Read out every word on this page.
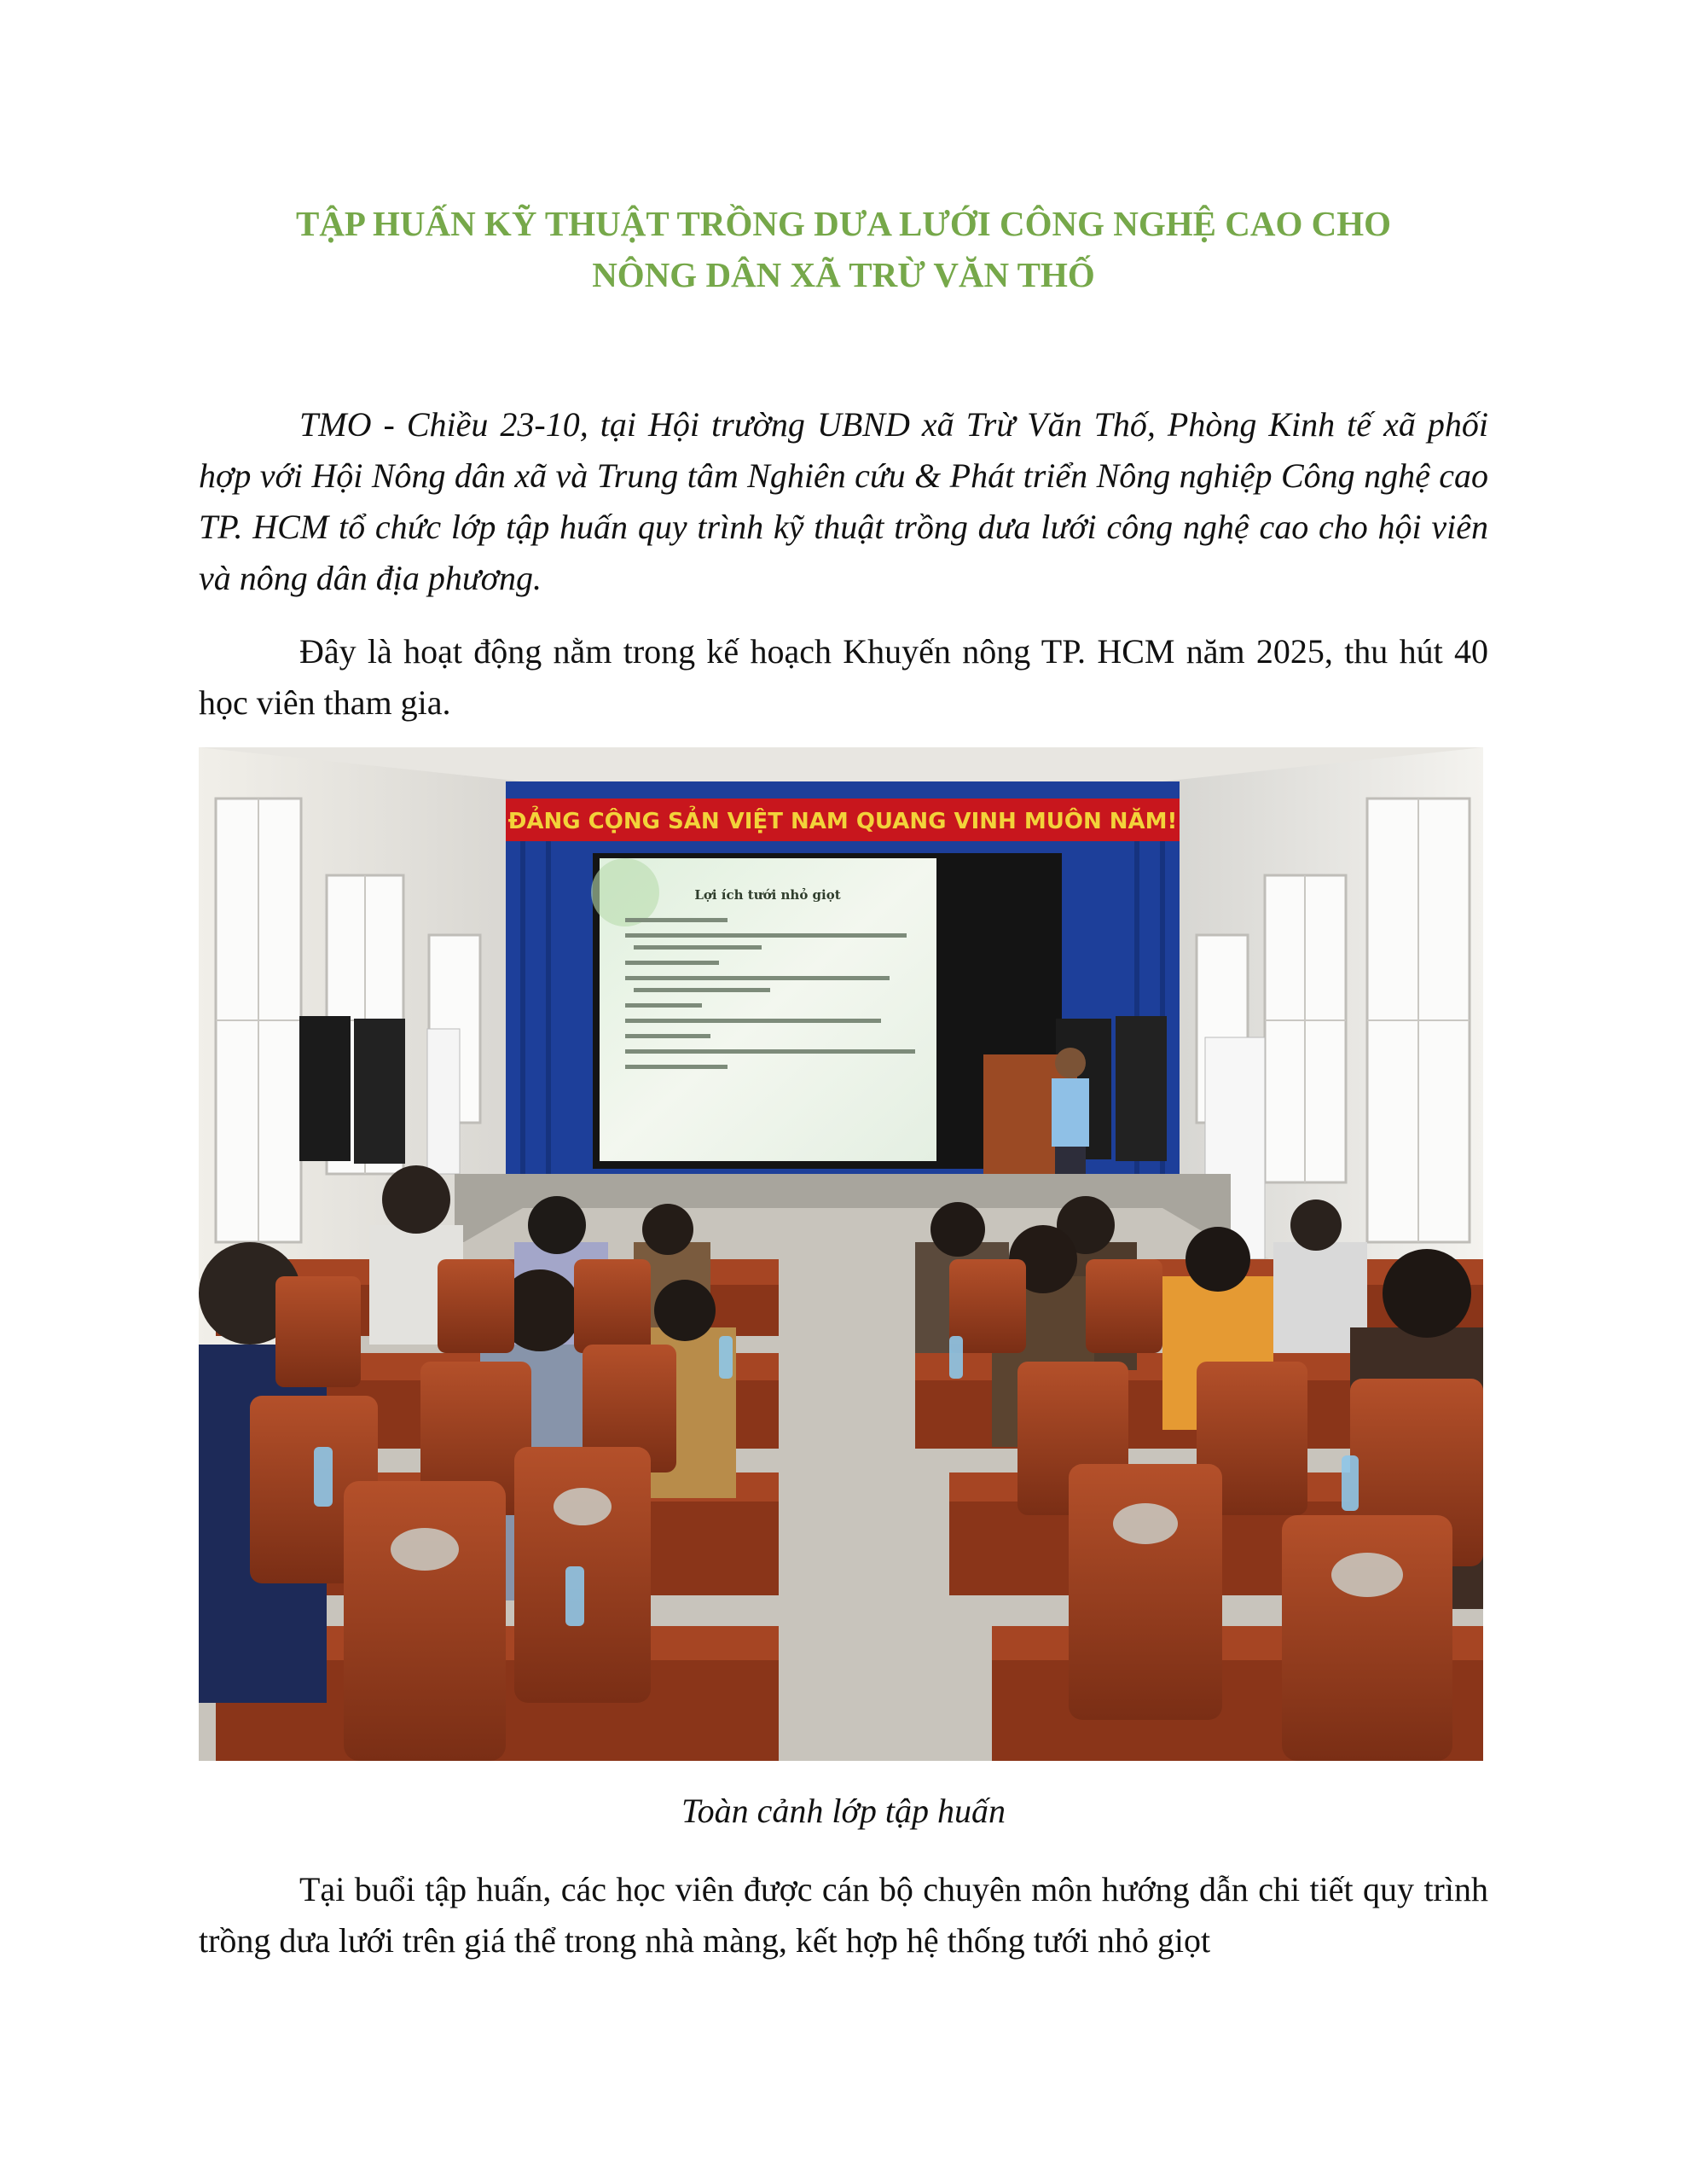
TẬP HUẤN KỸ THUẬT TRỒNG DƯA LƯỚI CÔNG NGHỆ CAO CHO
NÔNG DÂN XÃ TRỪ VĂN THỐ

TMO - Chiều 23-10, tại Hội trường UBND xã Trừ Văn Thố, Phòng Kinh tế xã phối hợp với Hội Nông dân xã và Trung tâm Nghiên cứu & Phát triển Nông nghiệp Công nghệ cao TP. HCM tổ chức lớp tập huấn quy trình kỹ thuật trồng dưa lưới công nghệ cao cho hội viên và nông dân địa phương.

Đây là hoạt động nằm trong kế hoạch Khuyến nông TP. HCM năm 2025, thu hút 40 học viên tham gia.

ĐẢNG CỘNG SẢN VIỆT NAM QUANG VINH MUÔN NĂM!
Lợi ích tưới nhỏ giọt
Toàn cảnh lớp tập huấn

Tại buổi tập huấn, các học viên được cán bộ chuyên môn hướng dẫn chi tiết quy trình trồng dưa lưới trên giá thể trong nhà màng, kết hợp hệ thống tưới nhỏ giọt
